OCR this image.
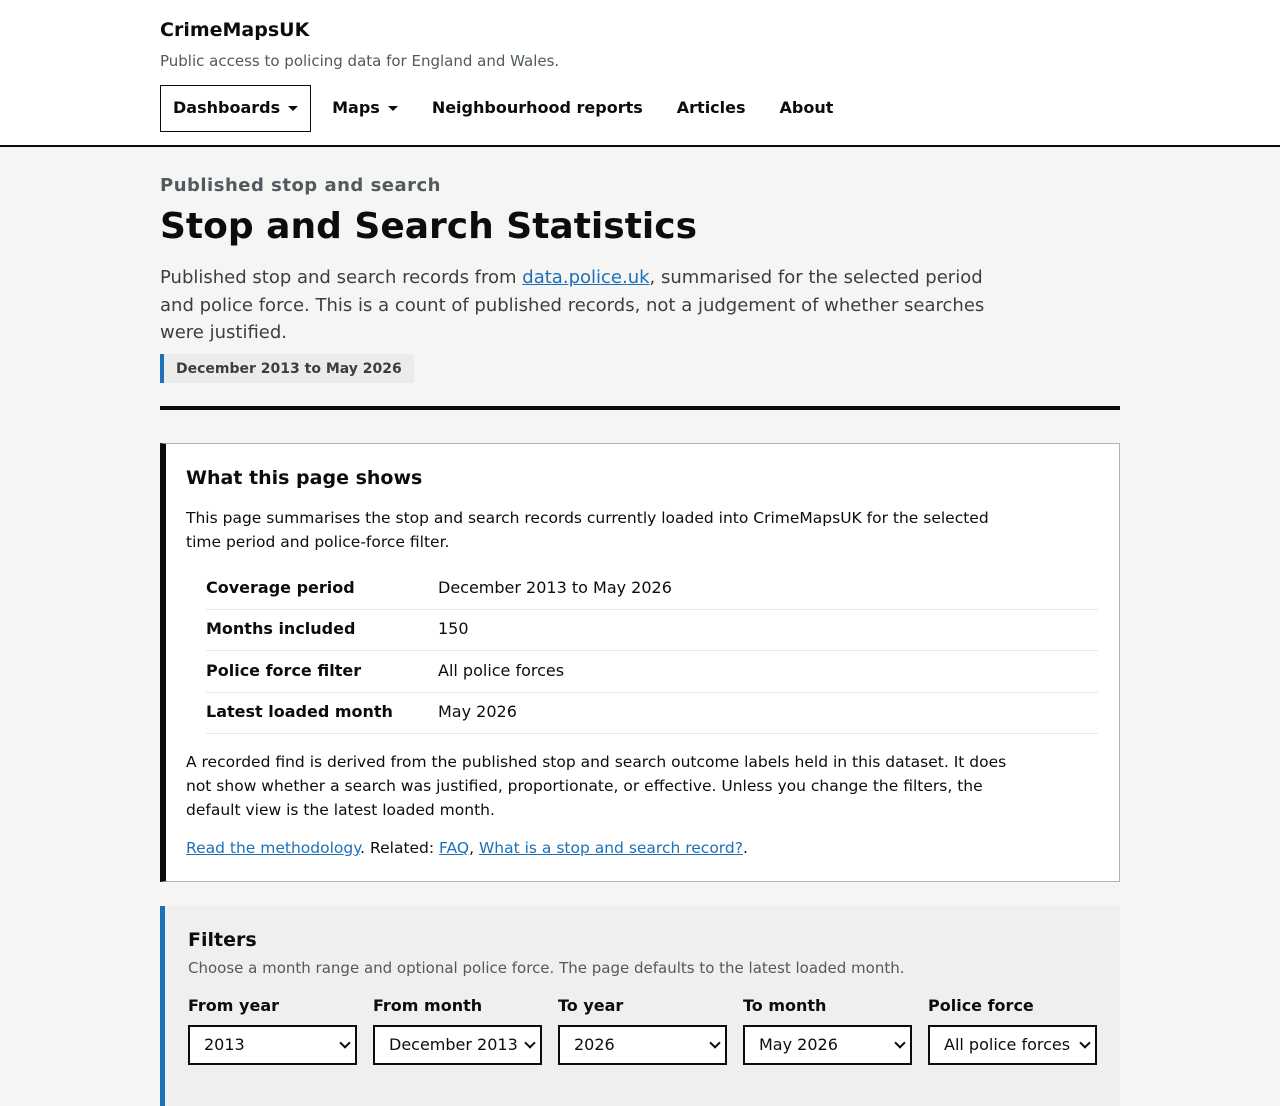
CrimeMapsUK

Public access to policing data for England and Wales.

Dashboards	Maps	Neighbourhood reports Articles About

Published stop and search

Stop and Search Statistics

Published stop and search records from data.police.uk, summarised for the selected period and police force. This is a count of published records, not a judgement of whether searches were justified.

December 2013 to May 2026
What this page shows

This page summarises the stop and search records currently loaded into CrimeMapsUK for the selected time period and police-force filter.

Coverage period	December 2013 to May 2026
Months included	150
Police force filter	All police forces
Latest loaded month	May 2026

A recorded find is derived from the published stop and search outcome labels held in this dataset. It does not show whether a search was justified, proportionate, or effective. Unless you change the filters, the default view is the latest loaded month.

Read the methodology. Related: FAQ, What is a stop and search record?.

Filters

Choose a month range and optional police force. The page defaults to the latest loaded month.

From year
2013
From month
December 2013
To year
2026
To month
May 2026
Police force
All police forces
